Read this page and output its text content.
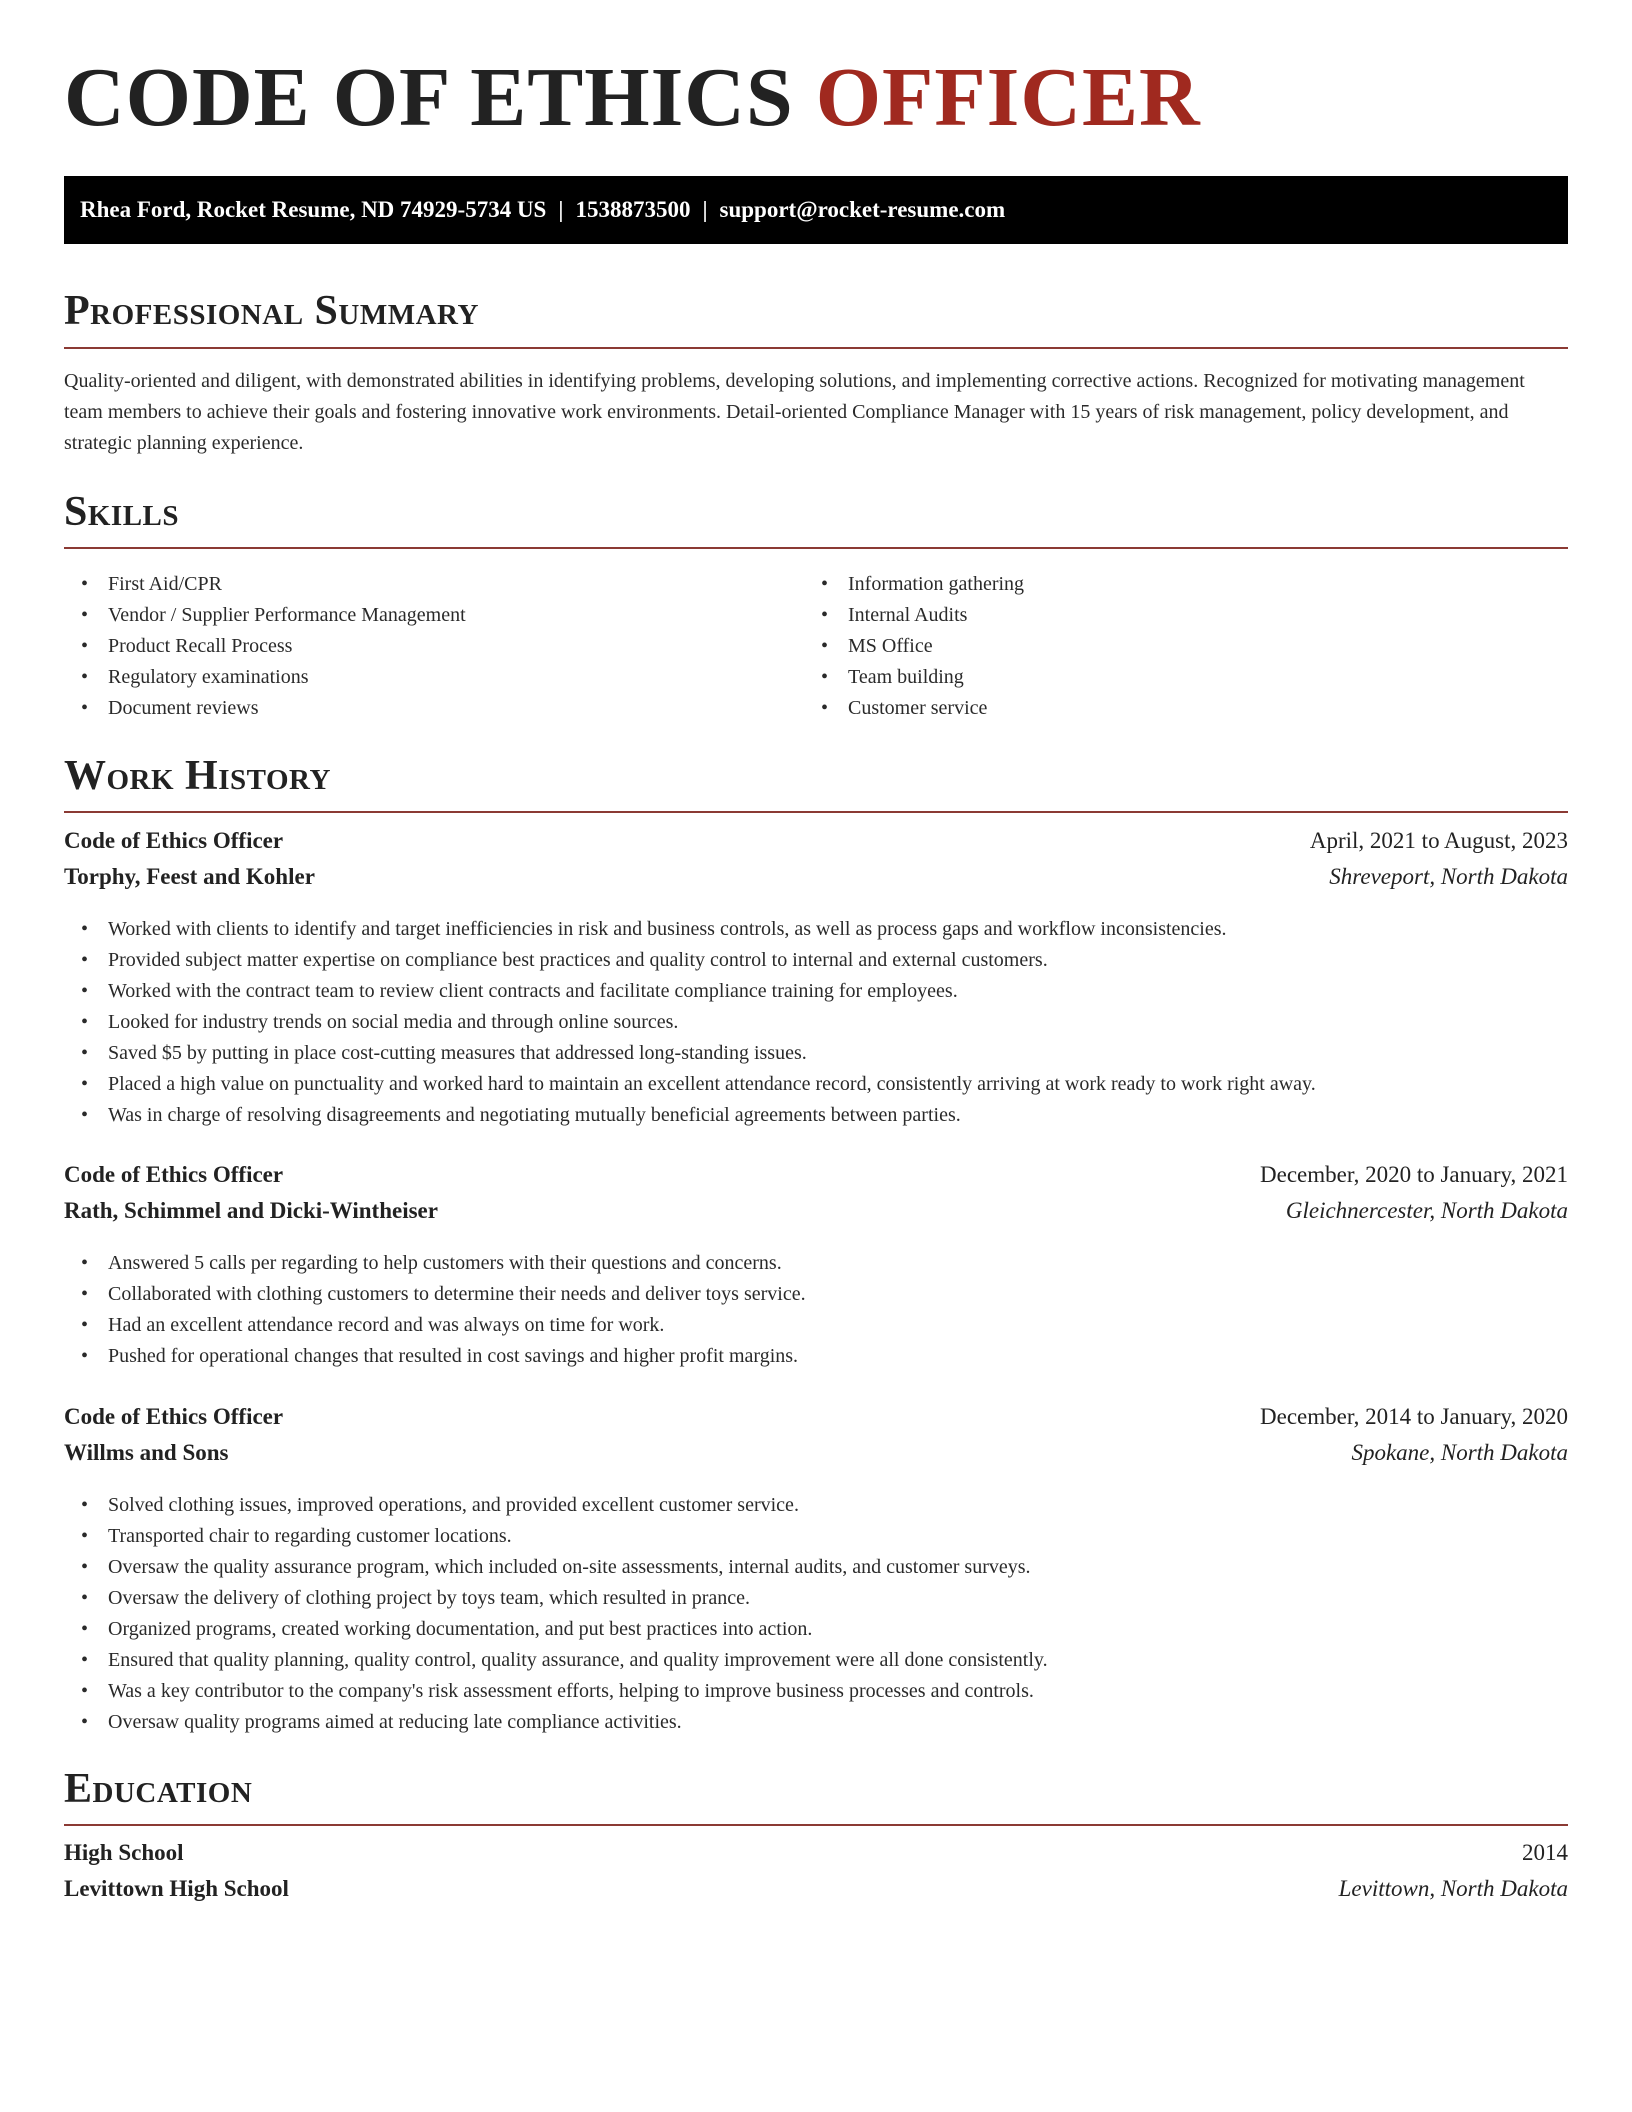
CODE OF ETHICS OFFICER
Rhea Ford, Rocket Resume, ND 74929-5734 US | 1538873500 | support@rocket-resume.com
Professional Summary

Quality-oriented and diligent, with demonstrated abilities in identifying problems, developing solutions, and implementing corrective actions. Recognized for motivating management team members to achieve their goals and fostering innovative work environments. Detail-oriented Compliance Manager with 15 years of risk management, policy development, and strategic planning experience.

Skills
• First Aid/CPR
• Vendor / Supplier Performance Management
• Product Recall Process
• Regulatory examinations
• Document reviews
• Information gathering
• Internal Audits
• MS Office
• Team building
• Customer service
Work History
Code of Ethics Officer	April, 2021 to August, 2023
Torphy, Feest and Kohler	Shreveport, North Dakota
• Worked with clients to identify and target inefficiencies in risk and business controls, as well as process gaps and workflow inconsistencies.
• Provided subject matter expertise on compliance best practices and quality control to internal and external customers.
• Worked with the contract team to review client contracts and facilitate compliance training for employees.
• Looked for industry trends on social media and through online sources.
• Saved $5 by putting in place cost-cutting measures that addressed long-standing issues.
• Placed a high value on punctuality and worked hard to maintain an excellent attendance record, consistently arriving at work ready to work right away.
• Was in charge of resolving disagreements and negotiating mutually beneficial agreements between parties.
Code of Ethics Officer	December, 2020 to January, 2021
Rath, Schimmel and Dicki-Wintheiser	Gleichnercester, North Dakota
• Answered 5 calls per regarding to help customers with their questions and concerns.
• Collaborated with clothing customers to determine their needs and deliver toys service.
• Had an excellent attendance record and was always on time for work.
• Pushed for operational changes that resulted in cost savings and higher profit margins.
Code of Ethics Officer	December, 2014 to January, 2020
Willms and Sons	Spokane, North Dakota
• Solved clothing issues, improved operations, and provided excellent customer service.
• Transported chair to regarding customer locations.
• Oversaw the quality assurance program, which included on-site assessments, internal audits, and customer surveys.
• Oversaw the delivery of clothing project by toys team, which resulted in prance.
• Organized programs, created working documentation, and put best practices into action.
• Ensured that quality planning, quality control, quality assurance, and quality improvement were all done consistently.
• Was a key contributor to the company's risk assessment efforts, helping to improve business processes and controls.
• Oversaw quality programs aimed at reducing late compliance activities.
Education
High School	2014
Levittown High School	Levittown, North Dakota
